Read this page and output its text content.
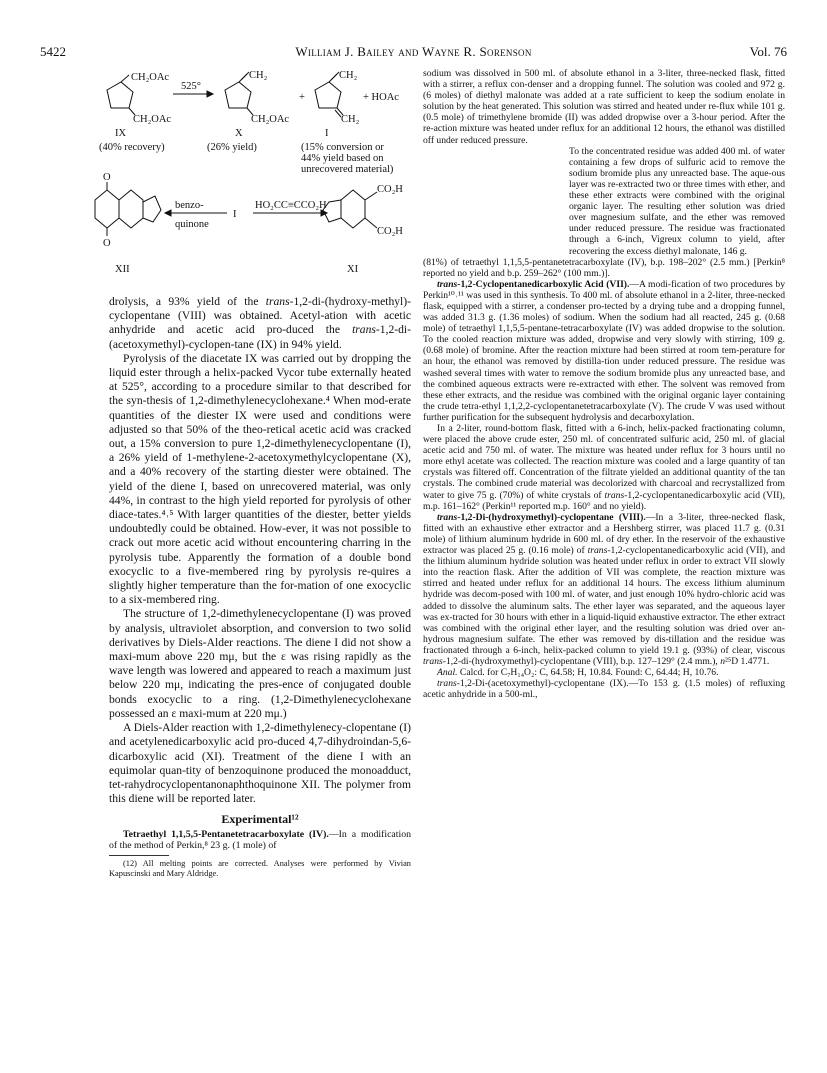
5422	William J. Bailey and Wayne R. Sorenson	Vol. 76
CH₂OAc
CH₂OAc
525°
CH₂
CH₂OAc
+
CH₂
CH₂
+ HOAc
IX	X	I
(40% recovery)	(26% yield)	(15% conversion or
44% yield based on
unrecovered material)
O
O
benzo-
quinone
I
HO₂CC≡CCO₂H
CO₂H
CO₂H
XII	XI

drolysis, a 93% yield of the trans-1,2-di-(hydroxy-methyl)-cyclopentane (VIII) was obtained. Acetyl-ation with acetic anhydride and acetic acid pro-duced the trans-1,2-di-(acetoxymethyl)-cyclopen-tane (IX) in 94% yield.

Pyrolysis of the diacetate IX was carried out by dropping the liquid ester through a helix-packed Vycor tube externally heated at 525°, according to a procedure similar to that described for the syn-thesis of 1,2-dimethylenecyclohexane.⁴ When mod-erate quantities of the diester IX were used and conditions were adjusted so that 50% of the theo-retical acetic acid was cracked out, a 15% conversion to pure 1,2-dimethylenecyclopentane (I), a 26% yield of 1-methylene-2-acetoxymethylcyclopentane (X), and a 40% recovery of the starting diester were obtained. The yield of the diene I, based on unrecovered material, was only 44%, in contrast to the high yield reported for pyrolysis of other diace-tates.⁴˒⁵ With larger quantities of the diester, better yields undoubtedly could be obtained. How-ever, it was not possible to crack out more acetic acid without encountering charring in the pyrolysis tube. Apparently the formation of a double bond exocyclic to a five-membered ring by pyrolysis re-quires a slightly higher temperature than the for-mation of one exocyclic to a six-membered ring.

The structure of 1,2-dimethylenecyclopentane (I) was proved by analysis, ultraviolet absorption, and conversion to two solid derivatives by Diels-Alder reactions. The diene I did not show a maxi-mum above 220 mμ, but the ε was rising rapidly as the wave length was lowered and appeared to reach a maximum just below 220 mμ, indicating the pres-ence of conjugated double bonds exocyclic to a ring. (1,2-Dimethylenecyclohexane possessed an ε maxi-mum at 220 mμ.)

A Diels-Alder reaction with 1,2-dimethylenecy-clopentane (I) and acetylenedicarboxylic acid pro-duced 4,7-dihydroindan-5,6-dicarboxylic acid (XI). Treatment of the diene I with an equimolar quan-tity of benzoquinone produced the monoadduct, tet-rahydrocyclopentanonaphthoquinone XII. The polymer from this diene will be reported later.

Experimental¹²

Tetraethyl 1,1,5,5-Pentanetetracarboxylate (IV).—In a modification of the method of Perkin,⁸ 23 g. (1 mole) of

(12) All melting points are corrected. Analyses were performed by Vivian Kapuscinski and Mary Aldridge.

sodium was dissolved in 500 ml. of absolute ethanol in a 3-liter, three-necked flask, fitted with a stirrer, a reflux con-denser and a dropping funnel. The solution was cooled and 972 g. (6 moles) of diethyl malonate was added at a rate sufficient to keep the sodium enolate in solution by the heat generated. This solution was stirred and heated under re-flux while 101 g. (0.5 mole) of trimethylene bromide (II) was added dropwise over a 3-hour period. After the re-action mixture was heated under reflux for an additional 12 hours, the ethanol was distilled off under reduced pressure.

To the concentrated residue was added 400 ml. of water containing a few drops of sulfuric acid to remove the sodium bromide plus any unreacted base. The aque-ous layer was re-extracted two or three times with ether, and these ether extracts were combined with the original organic layer. The resulting ether solution was dried over magnesium sulfate, and the ether was removed under reduced pressure. The residue was fractionated through a 6-inch, Vigreux column to yield, after recovering the excess diethyl malonate, 146 g.

(81%) of tetraethyl 1,1,5,5-pentanetetracarboxylate (IV), b.p. 198–202° (2.5 mm.) [Perkin⁸ reported no yield and b.p. 259–262° (100 mm.)].

trans-1,2-Cyclopentanedicarboxylic Acid (VII).—A modi-fication of two procedures by Perkin¹⁰˒¹¹ was used in this synthesis. To 400 ml. of absolute ethanol in a 2-liter, three-necked flask, equipped with a stirrer, a condenser pro-tected by a drying tube and a dropping funnel, was added 31.3 g. (1.36 moles) of sodium. When the sodium had all reacted, 245 g. (0.68 mole) of tetraethyl 1,1,5,5-pentane-tetracarboxylate (IV) was added dropwise to the solution. To the cooled reaction mixture was added, dropwise and very slowly with stirring, 109 g. (0.68 mole) of bromine. After the reaction mixture had been stirred at room tem-perature for an hour, the ethanol was removed by distilla-tion under reduced pressure. The residue was washed several times with water to remove the sodium bromide plus any unreacted base, and the combined aqueous extracts were re-extracted with ether. The solvent was removed from these ether extracts, and the residue was combined with the original organic layer containing the crude tetra-ethyl 1,1,2,2-cyclopentanetetracarboxylate (V). The crude V was used without further purification for the subsequent hydrolysis and decarboxylation.

In a 2-liter, round-bottom flask, fitted with a 6-inch, helix-packed fractionating column, were placed the above crude ester, 250 ml. of concentrated sulfuric acid, 250 ml. of glacial acetic acid and 750 ml. of water. The mixture was heated under reflux for 3 hours until no more ethyl acetate was collected. The reaction mixture was cooled and a large quantity of tan crystals was filtered off. Concentration of the filtrate yielded an additional quantity of the tan crystals. The combined crude material was decolorized with charcoal and recrystallized from water to give 75 g. (70%) of white crystals of trans-1,2-cyclopentanedicarboxylic acid (VII), m.p. 161–162° (Perkin¹¹ reported m.p. 160° and no yield).

trans-1,2-Di-(hydroxymethyl)-cyclopentane (VIII).—In a 3-liter, three-necked flask, fitted with an exhaustive ether extractor and a Hershberg stirrer, was placed 11.7 g. (0.31 mole) of lithium aluminum hydride in 600 ml. of dry ether. In the reservoir of the exhaustive extractor was placed 25 g. (0.16 mole) of trans-1,2-cyclopentanedicarboxylic acid (VII), and the lithium aluminum hydride solution was heated under reflux in order to extract VII slowly into the reaction flask. After the addition of VII was complete, the reaction mixture was stirred and heated under reflux for an additional 14 hours. The excess lithium aluminum hydride was decom-posed with 100 ml. of water, and just enough 10% hydro-chloric acid was added to dissolve the aluminum salts. The ether layer was separated, and the aqueous layer was ex-tracted for 30 hours with ether in a liquid-liquid exhaustive extractor. The ether extract was combined with the original ether layer, and the resulting solution was dried over an-hydrous magnesium sulfate. The ether was removed by dis-tillation and the residue was fractionated through a 6-inch, helix-packed column to yield 19.1 g. (93%) of clear, viscous trans-1,2-di-(hydroxymethyl)-cyclopentane (VIII), b.p. 127–129° (2.4 mm.), n²⁵D 1.4771.

Anal. Calcd. for C₇H₁₄O₂: C, 64.58; H, 10.84. Found: C, 64.44; H, 10.76.

trans-1,2-Di-(acetoxymethyl)-cyclopentane (IX).—To 153 g. (1.5 moles) of refluxing acetic anhydride in a 500-ml.,
